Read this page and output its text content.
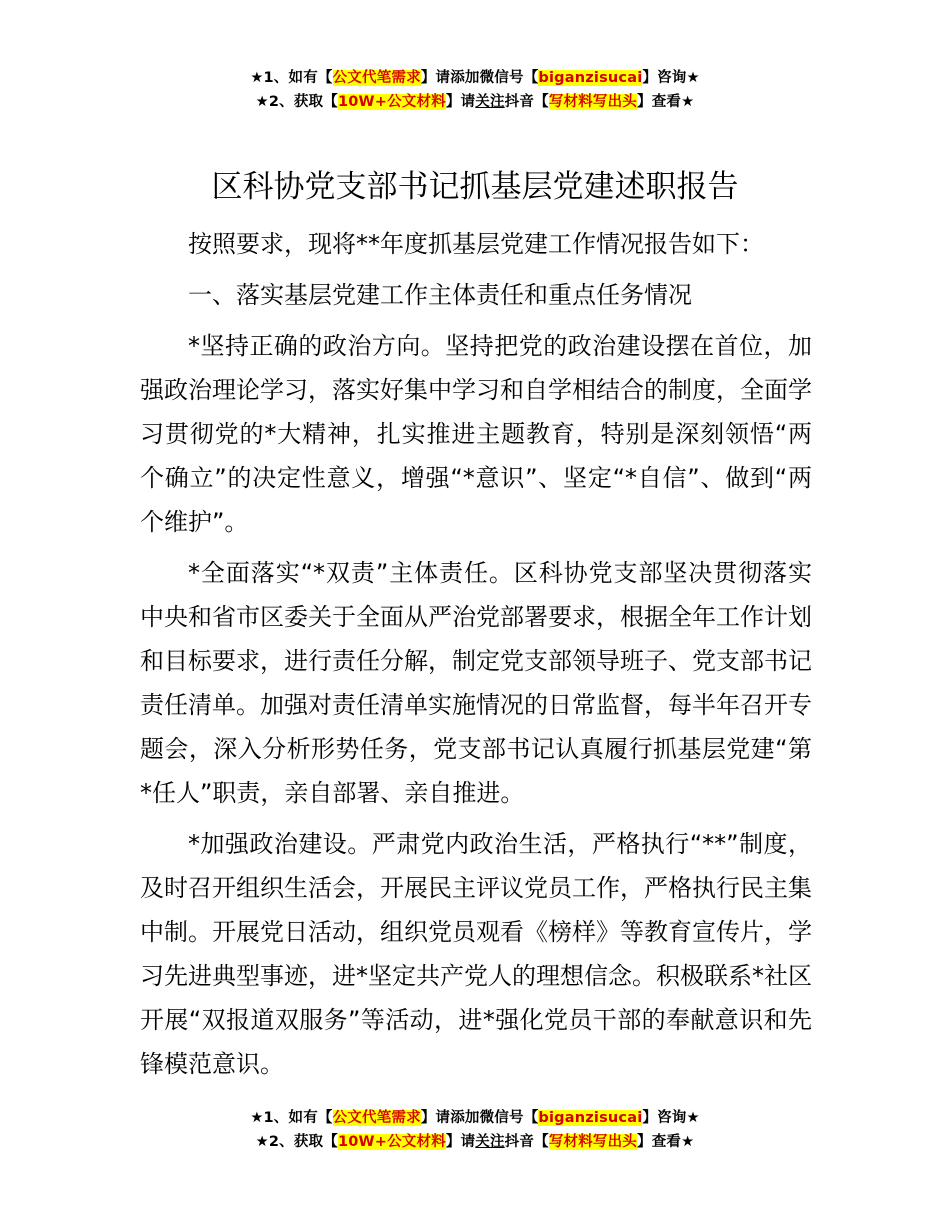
★1、如有【公文代笔需求】请添加微信号【biganzisucai】咨询★
★2、获取【10W+公文材料】请关注抖音【写材料写出头】查看★
区科协党支部书记抓基层党建述职报告

按照要求，现将**年度抓基层党建工作情况报告如下：

一、落实基层党建工作主体责任和重点任务情况

*坚持正确的政治方向。坚持把党的政治建设摆在首位，加强政治理论学习，落实好集中学习和自学相结合的制度，全面学习贯彻党的*大精神，扎实推进主题教育，特别是深刻领悟“两个确立”的决定性意义，增强“*意识”、坚定“*自信”、做到“两个维护”。

*全面落实“*双责”主体责任。区科协党支部坚决贯彻落实中央和省市区委关于全面从严治党部署要求，根据全年工作计划和目标要求，进行责任分解，制定党支部领导班子、党支部书记责任清单。加强对责任清单实施情况的日常监督，每半年召开专题会，深入分析形势任务，党支部书记认真履行抓基层党建“第*任人”职责，亲自部署、亲自推进。

*加强政治建设。严肃党内政治生活，严格执行“**”制度，及时召开组织生活会，开展民主评议党员工作，严格执行民主集中制。开展党日活动，组织党员观看《榜样》等教育宣传片，学习先进典型事迹，进*坚定共产党人的理想信念。积极联系*社区开展“双报道双服务”等活动，进*强化党员干部的奉献意识和先锋模范意识。

★1、如有【公文代笔需求】请添加微信号【biganzisucai】咨询★
★2、获取【10W+公文材料】请关注抖音【写材料写出头】查看★
